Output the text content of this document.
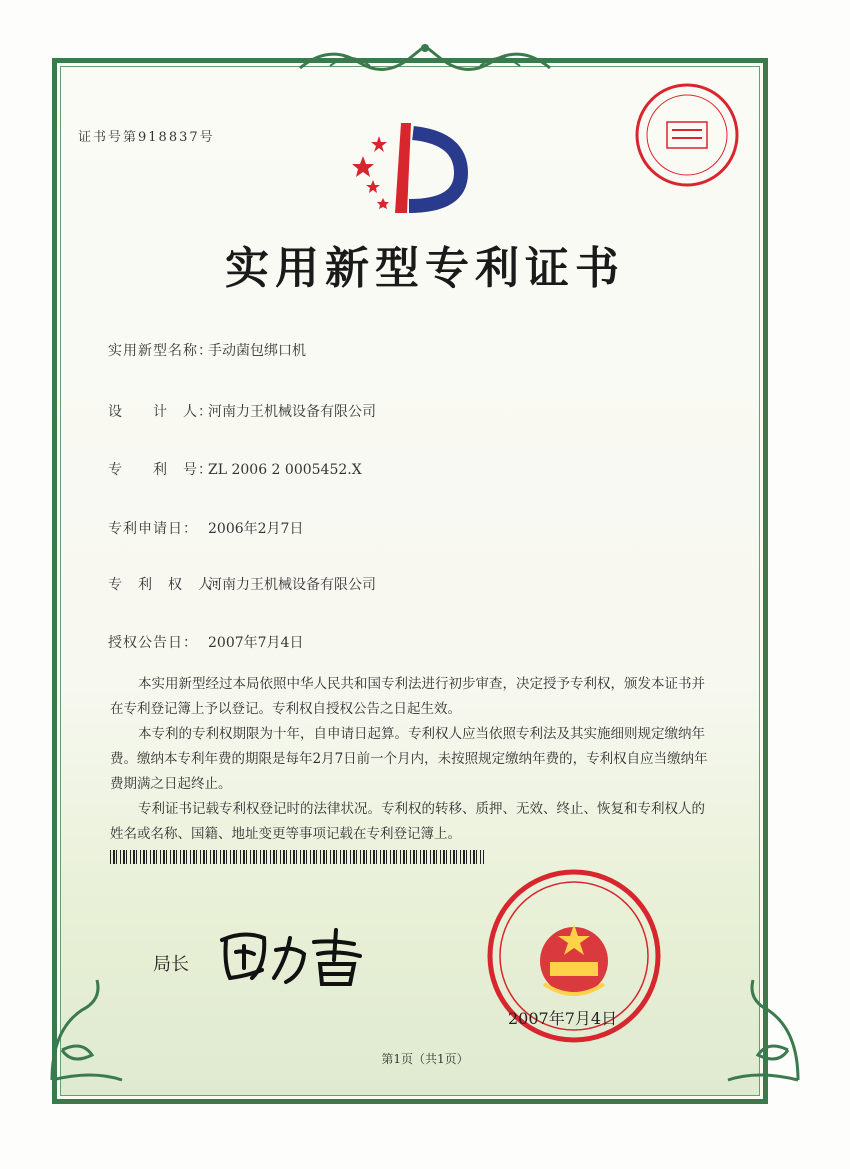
证书号第918837号
实用新型专利证书
实用新型名称：手动菌包绑口机
设　　计　人：河南力王机械设备有限公司
专　　利　号：ZL 2006 2 0005452.X
专利申请日： 2006年2月7日
专　利　权　人：河南力王机械设备有限公司
授权公告日： 2007年7月4日

本实用新型经过本局依照中华人民共和国专利法进行初步审查，决定授予专利权，颁发本证书并在专利登记簿上予以登记。专利权自授权公告之日起生效。

本专利的专利权期限为十年，自申请日起算。专利权人应当依照专利法及其实施细则规定缴纳年费。缴纳本专利年费的期限是每年2月7日前一个月内，未按照规定缴纳年费的，专利权自应当缴纳年费期满之日起终止。

专利证书记载专利权登记时的法律状况。专利权的转移、质押、无效、终止、恢复和专利权人的姓名或名称、国籍、地址变更等事项记载在专利登记簿上。

局长
2007年7月4日
第1页（共1页）
